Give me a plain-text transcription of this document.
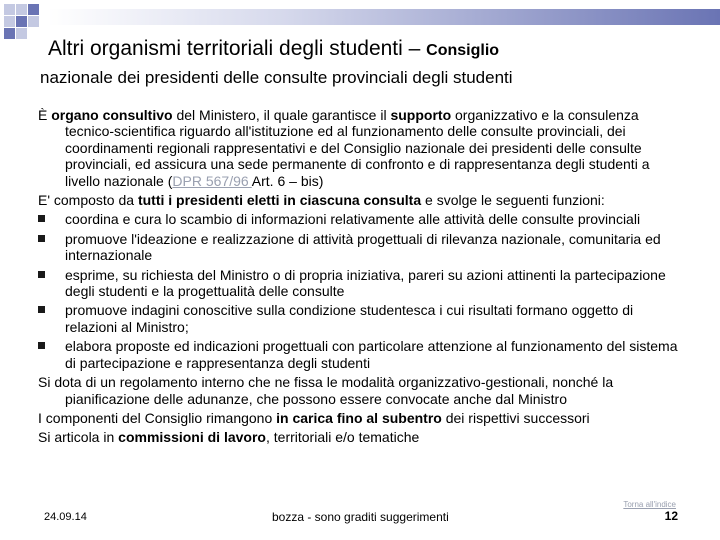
Altri organismi territoriali degli studenti – Consiglio
nazionale dei presidenti delle consulte provinciali degli studenti
È organo consultivo del Ministero, il quale garantisce il supporto organizzativo e la consulenza tecnico-scientifica riguardo all'istituzione ed al funzionamento delle consulte provinciali, dei coordinamenti regionali rappresentativi e del Consiglio nazionale dei presidenti delle consulte provinciali, ed assicura una sede permanente di confronto e di rappresentanza degli studenti a livello nazionale (DPR 567/96 Art. 6 – bis)
E' composto da tutti i presidenti eletti in ciascuna consulta e svolge le seguenti funzioni:
coordina e cura lo scambio di informazioni relativamente alle attività delle consulte provinciali
promuove l'ideazione e realizzazione di attività progettuali di rilevanza nazionale, comunitaria ed internazionale
esprime, su richiesta del Ministro o di propria iniziativa, pareri su azioni attinenti la partecipazione degli studenti e la progettualità delle consulte
promuove indagini conoscitive sulla condizione studentesca i cui risultati formano oggetto di relazioni al Ministro;
elabora proposte ed indicazioni progettuali con particolare attenzione al funzionamento del sistema di partecipazione e rappresentanza degli studenti
Si dota di un regolamento interno che ne fissa le modalità organizzativo-gestionali, nonché la pianificazione delle adunanze, che possono essere convocate anche dal Ministro
I componenti del Consiglio rimangono in carica fino al subentro dei rispettivi successori
Si articola in commissioni di lavoro, territoriali e/o tematiche
24.09.14	bozza - sono graditi suggerimenti
Torna all'indice
12
